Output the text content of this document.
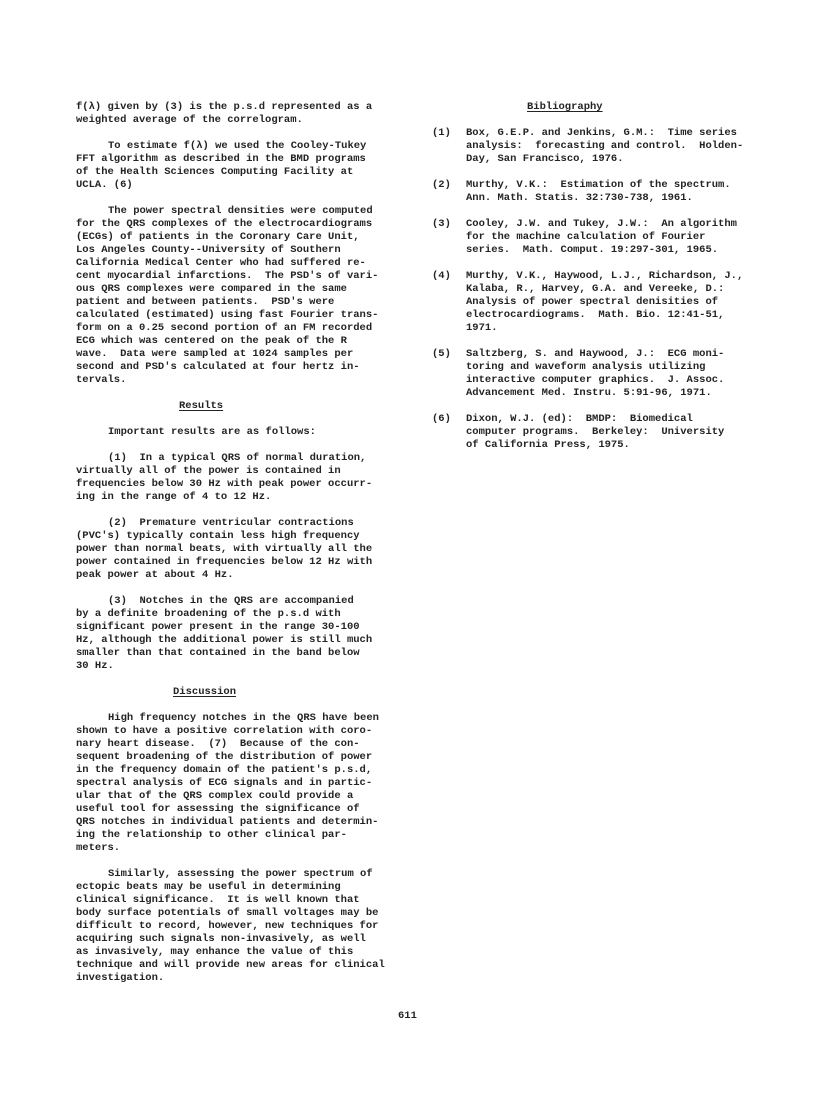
f(λ) given by (3) is the p.s.d represented as a
weighted average of the correlogram.
To estimate f(λ) we used the Cooley-Tukey
FFT algorithm as described in the BMD programs
of the Health Sciences Computing Facility at
UCLA. (6)
The power spectral densities were computed
for the QRS complexes of the electrocardiograms
(ECGs) of patients in the Coronary Care Unit,
Los Angeles County--University of Southern
California Medical Center who had suffered re-
cent myocardial infarctions.  The PSD's of vari-
ous QRS complexes were compared in the same
patient and between patients.  PSD's were
calculated (estimated) using fast Fourier trans-
form on a 0.25 second portion of an FM recorded
ECG which was centered on the peak of the R
wave.  Data were sampled at 1024 samples per
second and PSD's calculated at four hertz in-
tervals.
Results
Important results are as follows:
(1)  In a typical QRS of normal duration,
virtually all of the power is contained in
frequencies below 30 Hz with peak power occurr-
ing in the range of 4 to 12 Hz.
(2)  Premature ventricular contractions
(PVC's) typically contain less high frequency
power than normal beats, with virtually all the
power contained in frequencies below 12 Hz with
peak power at about 4 Hz.
(3)  Notches in the QRS are accompanied
by a definite broadening of the p.s.d with
significant power present in the range 30-100
Hz, although the additional power is still much
smaller than that contained in the band below
30 Hz.
Discussion
High frequency notches in the QRS have been
shown to have a positive correlation with coro-
nary heart disease.  (7)  Because of the con-
sequent broadening of the distribution of power
in the frequency domain of the patient's p.s.d,
spectral analysis of ECG signals and in partic-
ular that of the QRS complex could provide a
useful tool for assessing the significance of
QRS notches in individual patients and determin-
ing the relationship to other clinical par-
meters.
Similarly, assessing the power spectrum of
ectopic beats may be useful in determining
clinical significance.  It is well known that
body surface potentials of small voltages may be
difficult to record, however, new techniques for
acquiring such signals non-invasively, as well
as invasively, may enhance the value of this
technique and will provide new areas for clinical
investigation.
Bibliography
(1)	Box, G.E.P. and Jenkins, G.M.:  Time series
analysis:  forecasting and control.  Holden-
Day, San Francisco, 1976.
(2)	Murthy, V.K.:  Estimation of the spectrum.
Ann. Math. Statis. 32:730-738, 1961.
(3)	Cooley, J.W. and Tukey, J.W.:  An algorithm
for the machine calculation of Fourier
series.  Math. Comput. 19:297-301, 1965.
(4)	Murthy, V.K., Haywood, L.J., Richardson, J.,
Kalaba, R., Harvey, G.A. and Vereeke, D.:
Analysis of power spectral denisities of
electrocardiograms.  Math. Bio. 12:41-51,
1971.
(5)	Saltzberg, S. and Haywood, J.:  ECG moni-
toring and waveform analysis utilizing
interactive computer graphics.  J. Assoc.
Advancement Med. Instru. 5:91-96, 1971.
(6)	Dixon, W.J. (ed):  BMDP:  Biomedical
computer programs.  Berkeley:  University
of California Press, 1975.
611
